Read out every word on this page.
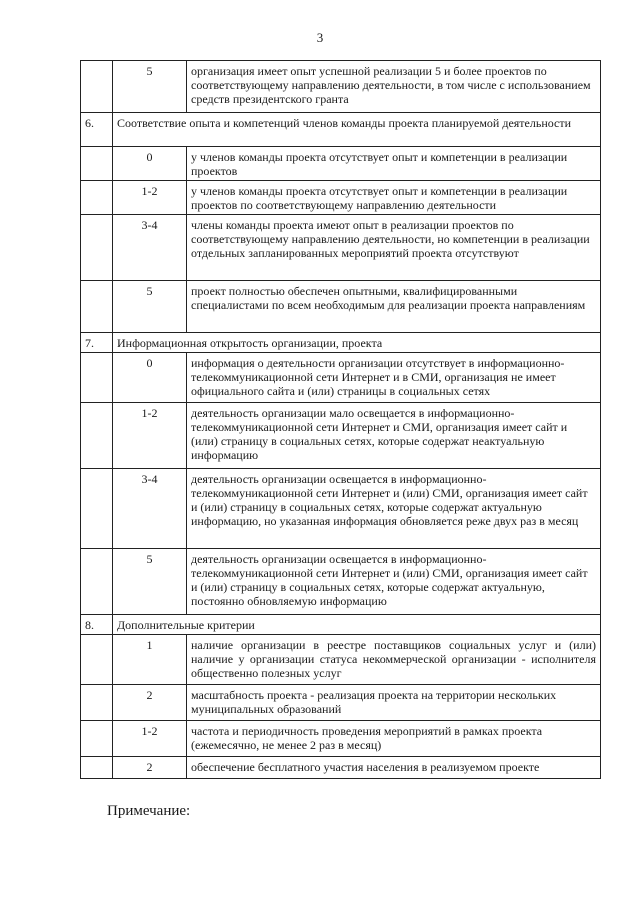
3
	5	организация имеет опыт успешной реализации 5 и более проектов по соответствующему направлению деятельности, в том числе с использованием средств президентского гранта
6.	Соответствие опыта и компетенций членов команды проекта планируемой деятельности	
	0	у членов команды проекта отсутствует опыт и компетенции в реализации проектов
	1-2	у членов команды проекта отсутствует опыт и компетенции в реализации проектов по соответствующему направлению деятельности
	3-4	члены команды проекта имеют опыт в реализации проектов по соответствующему направлению деятельности, но компетенции в реализации отдельных запланированных мероприятий проекта отсутствуют
	5	проект полностью обеспечен опытными, квалифицированными специалистами по всем необходимым для реализации проекта направлениям
7.	Информационная открытость организации, проекта	
	0	информация о деятельности организации отсутствует в информационно-телекоммуникационной сети Интернет и в СМИ, организация не имеет официального сайта и (или) страницы в социальных сетях
	1-2	деятельность организации мало освещается в информационно-телекоммуникационной сети Интернет и СМИ, организация имеет сайт и (или) страницу в социальных сетях, которые содержат неактуальную информацию
	3-4	деятельность организации освещается в информационно-телекоммуникационной сети Интернет и (или) СМИ, организация имеет сайт и (или) страницу в социальных сетях, которые содержат актуальную информацию, но указанная информация обновляется реже двух раз в месяц
	5	деятельность организации освещается в информационно-телекоммуникационной сети Интернет и (или) СМИ, организация имеет сайт и (или) страницу в социальных сетях, которые содержат актуальную, постоянно обновляемую информацию
8.	Дополнительные критерии	
	1	наличие организации в реестре поставщиков социальных услуг и (или) наличие у организации статуса некоммерческой организации - исполнителя общественно полезных услуг
	2	масштабность проекта - реализация проекта на территории нескольких муниципальных образований
	1-2	частота и периодичность проведения мероприятий в рамках проекта (ежемесячно, не менее 2 раз в месяц)
	2	обеспечение бесплатного участия населения в реализуемом проекте
Примечание:
